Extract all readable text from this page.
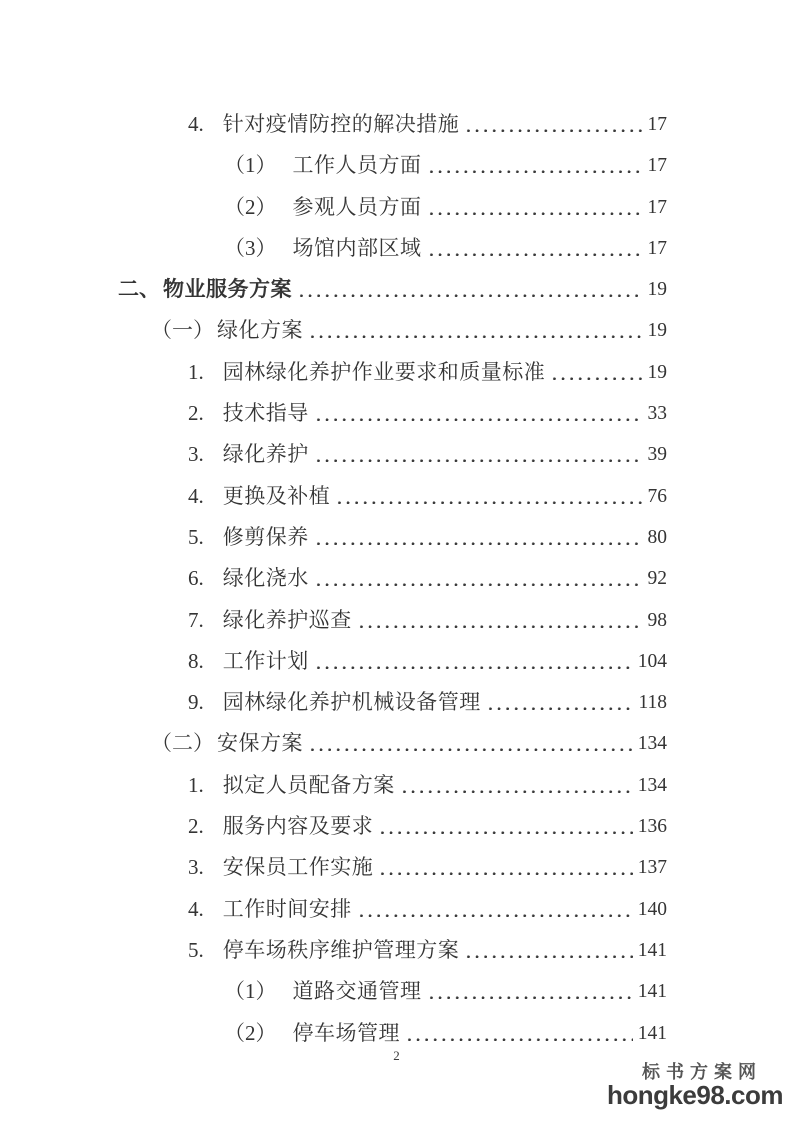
4. 针对疫情防控的解决措施	17
（1） 工作人员方面	17
（2） 参观人员方面	17
（3） 场馆内部区域	17
二、 物业服务方案	19
（一） 绿化方案	19
1. 园林绿化养护作业要求和质量标准	19
2. 技术指导	33
3. 绿化养护	39
4. 更换及补植	76
5. 修剪保养	80
6. 绿化浇水	92
7. 绿化养护巡查	98
8. 工作计划	104
9. 园林绿化养护机械设备管理	118
（二） 安保方案	134
1. 拟定人员配备方案	134
2. 服务内容及要求	136
3. 安保员工作实施	137
4. 工作时间安排	140
5. 停车场秩序维护管理方案	141
（1） 道路交通管理	141
（2） 停车场管理	141
2
标书方案网
hongke98.com
